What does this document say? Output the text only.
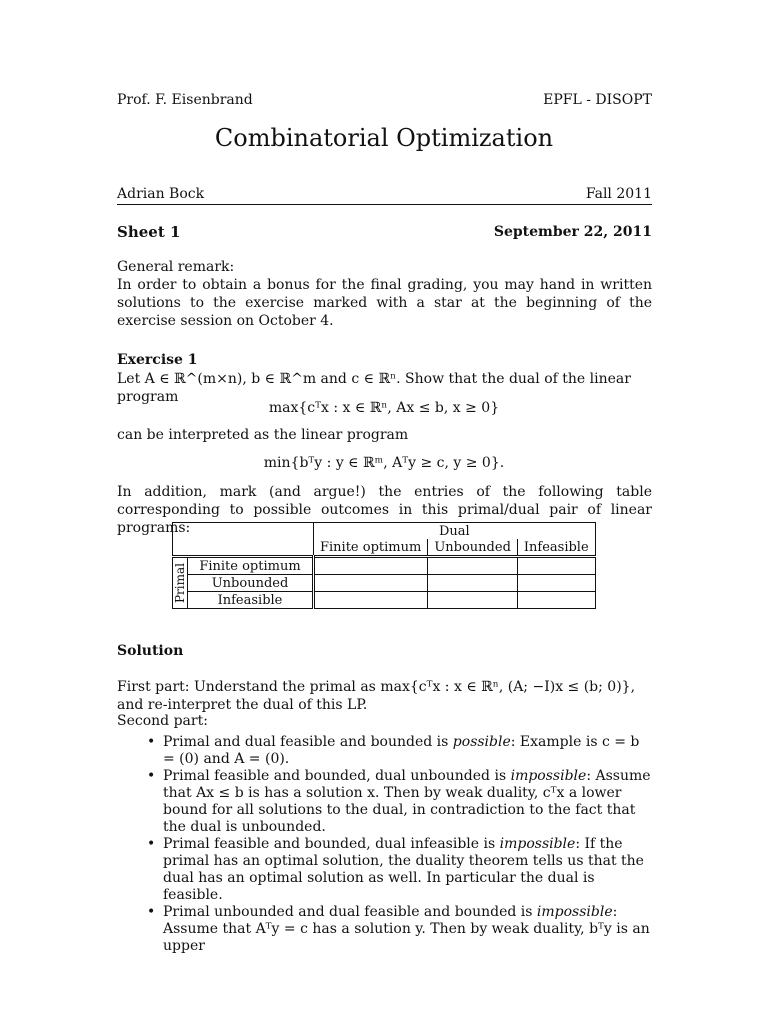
Prof. F. Eisenbrand	EPFL - DISOPT
Combinatorial Optimization
Adrian Bock	Fall 2011
Sheet 1	September 22, 2011
General remark:
In order to obtain a bonus for the final grading, you may hand in written solutions to the exercise marked with a star at the beginning of the exercise session on October 4.
Exercise 1
Let A ∈ ℝ^(m×n), b ∈ ℝ^m and c ∈ ℝⁿ. Show that the dual of the linear program
max{cᵀx : x ∈ ℝⁿ, Ax ≤ b, x ≥ 0}
can be interpreted as the linear program
min{bᵀy : y ∈ ℝᵐ, Aᵀy ≥ c, y ≥ 0}.
In addition, mark (and argue!) the entries of the following table corresponding to possible outcomes in this primal/dual pair of linear programs:
		Dual		
		Finite optimum	Unbounded	Infeasible

Primal	Finite optimum			
	Unbounded			
	Infeasible			
Solution
First part: Understand the primal as max{cᵀx : x ∈ ℝⁿ, (A; −I)x ≤ (b; 0)}, and re-interpret the dual of this LP.
Second part:
• Primal and dual feasible and bounded is possible: Example is c = b = (0) and A = (0).
• Primal feasible and bounded, dual unbounded is impossible: Assume that Ax ≤ b is has a solution x. Then by weak duality, cᵀx a lower bound for all solutions to the dual, in contradiction to the fact that the dual is unbounded.
• Primal feasible and bounded, dual infeasible is impossible: If the primal has an optimal solution, the duality theorem tells us that the dual has an optimal solution as well. In particular the dual is feasible.
• Primal unbounded and dual feasible and bounded is impossible: Assume that Aᵀy = c has a solution y. Then by weak duality, bᵀy is an upper
